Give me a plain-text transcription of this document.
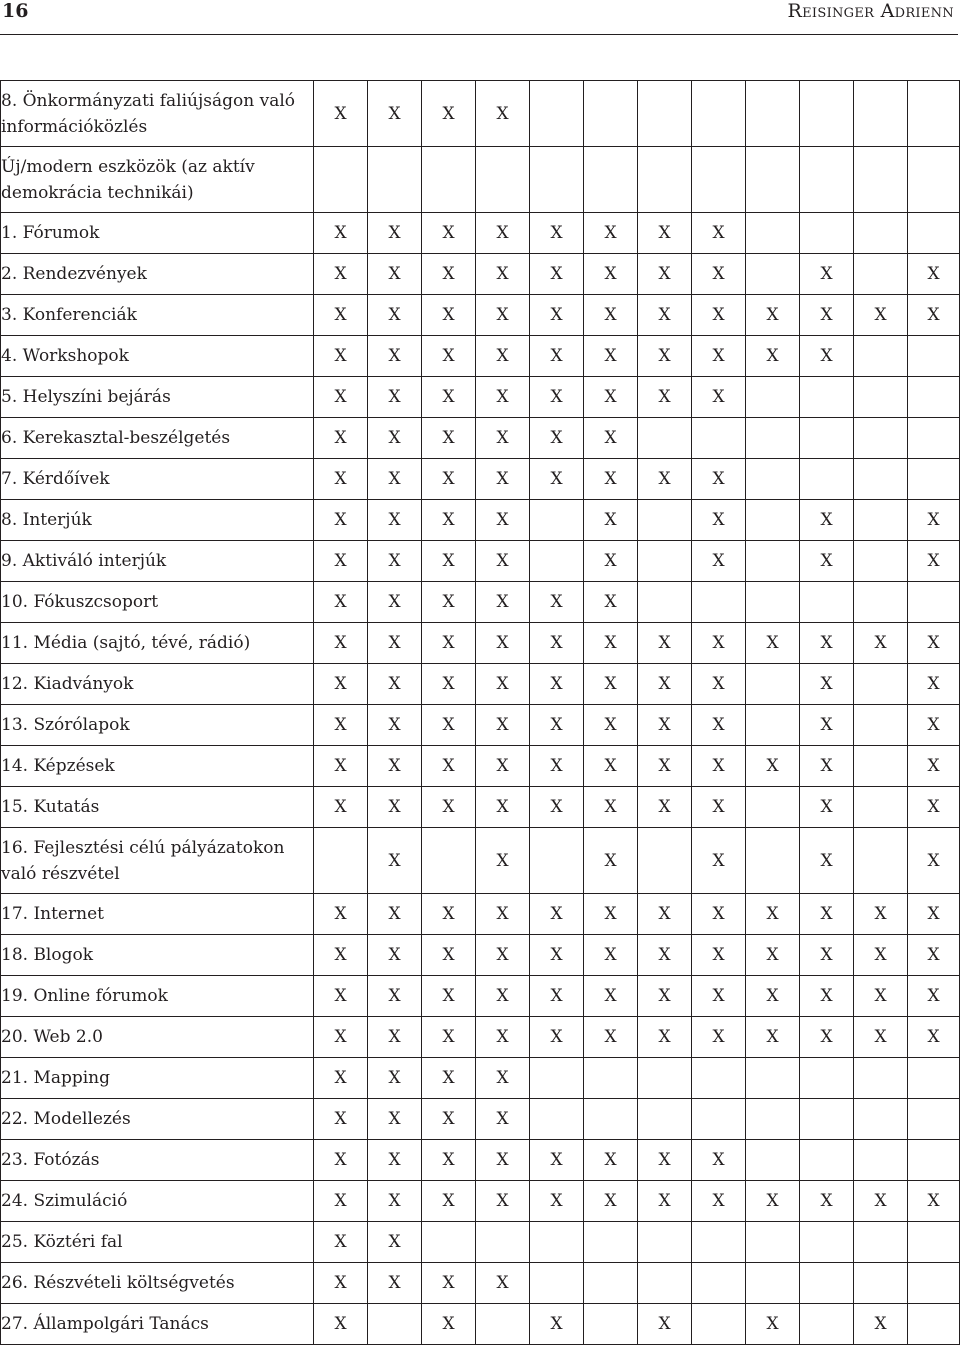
16	Reisinger Adrienn
8. Önkormányzati faliújságon való információközlés	X	X	X	X								
Új/modern eszközök (az aktív demokrácia technikái)												
1. Fórumok	X	X	X	X	X	X	X	X				
2. Rendezvények	X	X	X	X	X	X	X	X		X		X
3. Konferenciák	X	X	X	X	X	X	X	X	X	X	X	X
4. Workshopok	X	X	X	X	X	X	X	X	X	X		
5. Helyszíni bejárás	X	X	X	X	X	X	X	X				
6. Kerekasztal-beszélgetés	X	X	X	X	X	X						
7. Kérdőívek	X	X	X	X	X	X	X	X				
8. Interjúk	X	X	X	X		X		X		X		X
9. Aktiváló interjúk	X	X	X	X		X		X		X		X
10. Fókuszcsoport	X	X	X	X	X	X						
11. Média (sajtó, tévé, rádió)	X	X	X	X	X	X	X	X	X	X	X	X
12. Kiadványok	X	X	X	X	X	X	X	X		X		X
13. Szórólapok	X	X	X	X	X	X	X	X		X		X
14. Képzések	X	X	X	X	X	X	X	X	X	X		X
15. Kutatás	X	X	X	X	X	X	X	X		X		X
16. Fejlesztési célú pályázatokon való részvétel		X		X		X		X		X		X
17. Internet	X	X	X	X	X	X	X	X	X	X	X	X
18. Blogok	X	X	X	X	X	X	X	X	X	X	X	X
19. Online fórumok	X	X	X	X	X	X	X	X	X	X	X	X
20. Web 2.0	X	X	X	X	X	X	X	X	X	X	X	X
21. Mapping	X	X	X	X								
22. Modellezés	X	X	X	X								
23. Fotózás	X	X	X	X	X	X	X	X				
24. Szimuláció	X	X	X	X	X	X	X	X	X	X	X	X
25. Köztéri fal	X	X										
26. Részvételi költségvetés	X	X	X	X								
27. Állampolgári Tanács	X		X		X		X		X		X	
